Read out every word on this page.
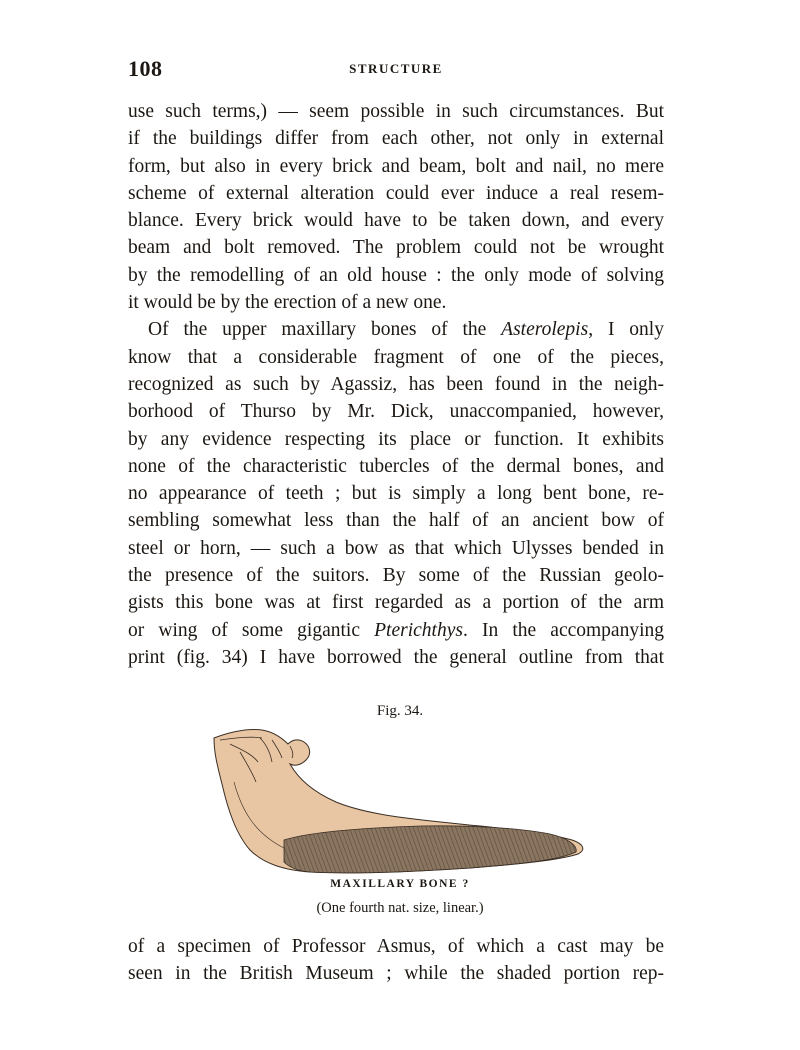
108	STRUCTURE
use such terms,) — seem possible in such circumstances. But
if the buildings differ from each other, not only in external
form, but also in every brick and beam, bolt and nail, no mere
scheme of external alteration could ever induce a real resem-
blance. Every brick would have to be taken down, and every
beam and bolt removed. The problem could not be wrought
by the remodelling of an old house : the only mode of solving
it would be by the erection of a new one.
Of the upper maxillary bones of the Asterolepis, I only
know that a considerable fragment of one of the pieces,
recognized as such by Agassiz, has been found in the neigh-
borhood of Thurso by Mr. Dick, unaccompanied, however,
by any evidence respecting its place or function. It exhibits
none of the characteristic tubercles of the dermal bones, and
no appearance of teeth ; but is simply a long bent bone, re-
sembling somewhat less than the half of an ancient bow of
steel or horn, — such a bow as that which Ulysses bended in
the presence of the suitors. By some of the Russian geolo-
gists this bone was at first regarded as a portion of the arm
or wing of some gigantic Pterichthys. In the accompanying
print (fig. 34) I have borrowed the general outline from that
Fig. 34.
MAXILLARY BONE ?
(One fourth nat. size, linear.)
of a specimen of Professor Asmus, of which a cast may be
seen in the British Museum ; while the shaded portion rep-
